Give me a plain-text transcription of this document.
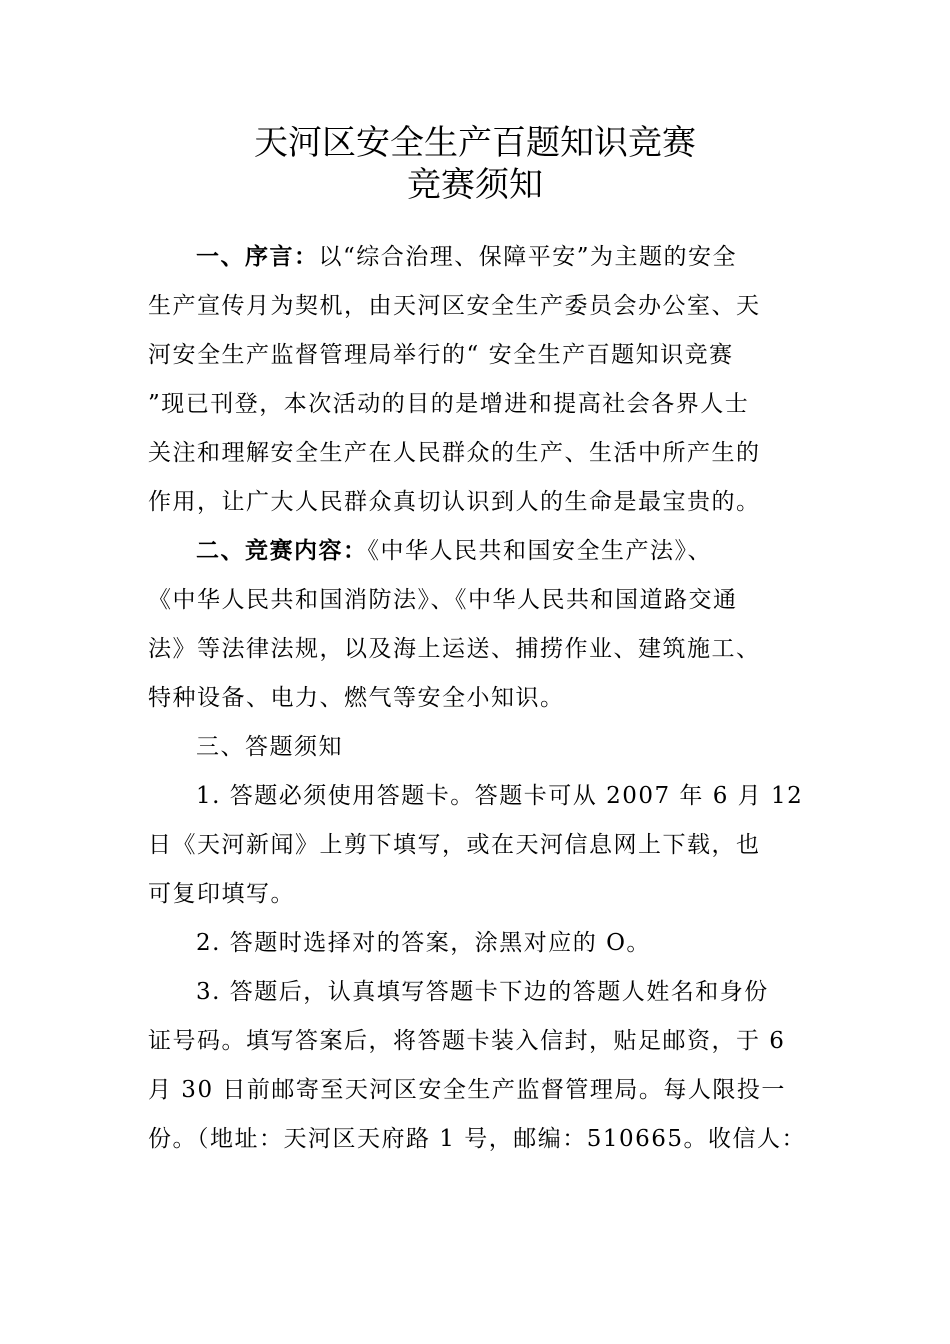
天河区安全生产百题知识竞赛
竞赛须知
一、序言：以“综合治理、保障平安”为主题的安全
生产宣传月为契机，由天河区安全生产委员会办公室、天
河安全生产监督管理局举行的“ 安全生产百题知识竞赛
”现已刊登，本次活动的目的是增进和提高社会各界人士
关注和理解安全生产在人民群众的生产、生活中所产生的
作用，让广大人民群众真切认识到人的生命是最宝贵的。
二、竞赛内容：《中华人民共和国安全生产法》、
《中华人民共和国消防法》、《中华人民共和国道路交通
法》等法律法规，以及海上运送、捕捞作业、建筑施工、
特种设备、电力、燃气等安全小知识。
三、答题须知
1. 答题必须使用答题卡。答题卡可从 2007 年 6 月 12
日《天河新闻》上剪下填写，或在天河信息网上下载，也
可复印填写。
2. 答题时选择对的答案，涂黑对应的 O。
3. 答题后，认真填写答题卡下边的答题人姓名和身份
证号码。填写答案后，将答题卡装入信封，贴足邮资，于 6
月 30 日前邮寄至天河区安全生产监督管理局。每人限投一
份。（地址：天河区天府路 1 号，邮编：510665。收信人：
